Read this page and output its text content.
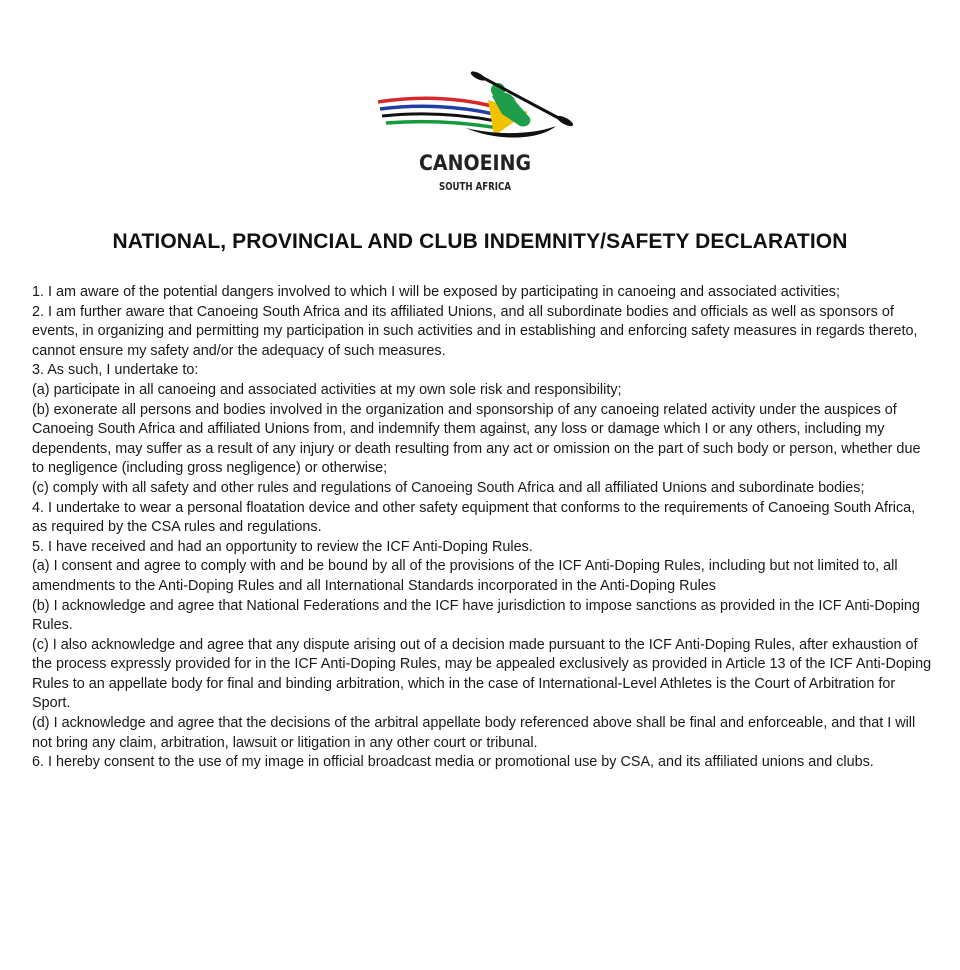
CANOEING
SOUTH AFRICA
NATIONAL, PROVINCIAL AND CLUB INDEMNITY/SAFETY DECLARATION

1. I am aware of the potential dangers involved to which I will be exposed by participating in canoeing and associated activities;

2. I am further aware that Canoeing South Africa and its affiliated Unions, and all subordinate bodies and officials as well as sponsors of events, in organizing and permitting my participation in such activities and in establishing and enforcing safety measures in regards thereto, cannot ensure my safety and/or the adequacy of such measures.

3. As such, I undertake to:

(a) participate in all canoeing and associated activities at my own sole risk and responsibility;

(b) exonerate all persons and bodies involved in the organization and sponsorship of any canoeing related activity under the auspices of Canoeing South Africa and affiliated Unions from, and indemnify them against, any loss or damage which I or any others, including my dependents, may suffer as a result of any injury or death resulting from any act or omission on the part of such body or person, whether due to negligence (including gross negligence) or otherwise;

(c) comply with all safety and other rules and regulations of Canoeing South Africa and all affiliated Unions and subordinate bodies;

4. I undertake to wear a personal floatation device and other safety equipment that conforms to the requirements of Canoeing South Africa, as required by the CSA rules and regulations.

5. I have received and had an opportunity to review the ICF Anti-Doping Rules.

(a) I consent and agree to comply with and be bound by all of the provisions of the ICF Anti-Doping Rules, including but not limited to, all amendments to the Anti-Doping Rules and all International Standards incorporated in the Anti-Doping Rules

(b) I acknowledge and agree that National Federations and the ICF have jurisdiction to impose sanctions as provided in the ICF Anti-Doping Rules.

(c) I also acknowledge and agree that any dispute arising out of a decision made pursuant to the ICF Anti-Doping Rules, after exhaustion of the process expressly provided for in the ICF Anti-Doping Rules, may be appealed exclusively as provided in Article 13 of the ICF Anti-Doping Rules to an appellate body for final and binding arbitration, which in the case of International-Level Athletes is the Court of Arbitration for Sport.

(d) I acknowledge and agree that the decisions of the arbitral appellate body referenced above shall be final and enforceable, and that I will not bring any claim, arbitration, lawsuit or litigation in any other court or tribunal.

6. I hereby consent to the use of my image in official broadcast media or promotional use by CSA, and its affiliated unions and clubs.
